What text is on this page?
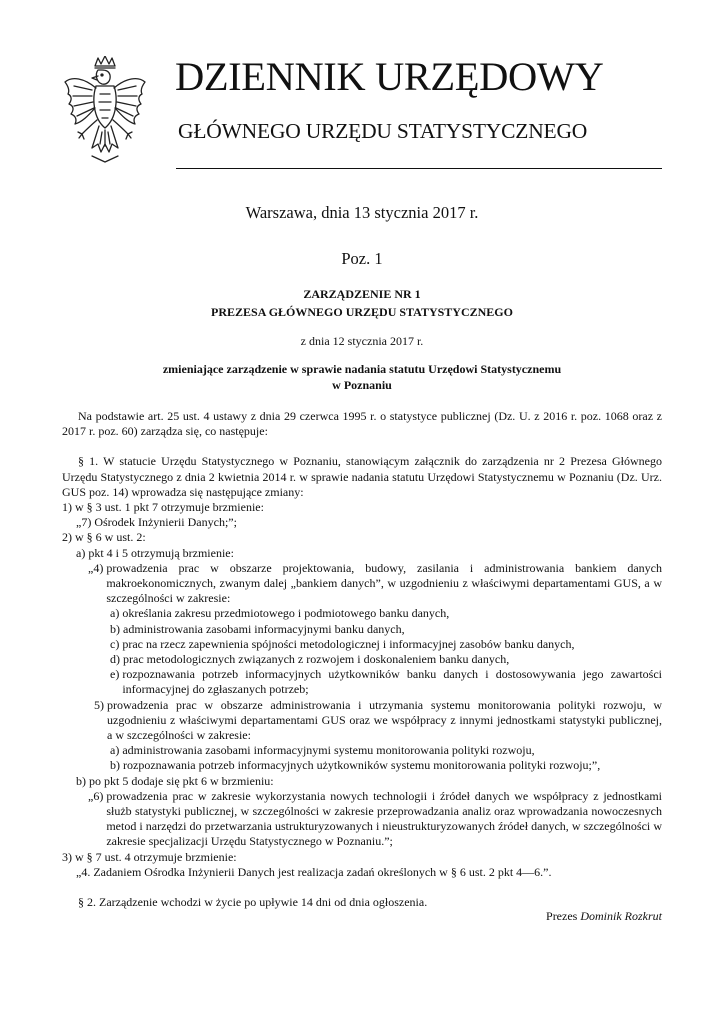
DZIENNIK URZĘDOWY
GŁÓWNEGO URZĘDU STATYSTYCZNEGO
Warszawa, dnia 13 stycznia 2017 r.
Poz. 1
ZARZĄDZENIE NR 1
PREZESA GŁÓWNEGO URZĘDU STATYSTYCZNEGO
z dnia 12 stycznia 2017 r.
zmieniające zarządzenie w sprawie nadania statutu Urzędowi Statystycznemu
w Poznaniu

Na podstawie art. 25 ust. 4 ustawy z dnia 29 czerwca 1995 r. o statystyce publicznej (Dz. U. z 2016 r. poz. 1068 oraz z 2017 r. poz. 60) zarządza się, co następuje:

§ 1. W statucie Urzędu Statystycznego w Poznaniu, stanowiącym załącznik do zarządzenia nr 2 Prezesa Głównego Urzędu Statystycznego z dnia 2 kwietnia 2014 r. w sprawie nadania statutu Urzędowi Statystycznemu w Poznaniu (Dz. Urz. GUS poz. 14) wprowadza się następujące zmiany:

1) w § 3 ust. 1 pkt 7 otrzymuje brzmienie:

„7) Ośrodek Inżynierii Danych;”;

2) w § 6 w ust. 2:

a) pkt 4 i 5 otrzymują brzmienie:

„4) prowadzenia prac w obszarze projektowania, budowy, zasilania i administrowania bankiem danych makroekonomicznych, zwanym dalej „bankiem danych”, w uzgodnieniu z właściwymi departamentami GUS, a w szczególności w zakresie:
a) określania zakresu przedmiotowego i podmiotowego banku danych,
b) administrowania zasobami informacyjnymi banku danych,
c) prac na rzecz zapewnienia spójności metodologicznej i informacyjnej zasobów banku danych,
d) prac metodologicznych związanych z rozwojem i doskonaleniem banku danych,
e) rozpoznawania potrzeb informacyjnych użytkowników banku danych i dostosowywania jego zawartości informacyjnej do zgłaszanych potrzeb;
5) prowadzenia prac w obszarze administrowania i utrzymania systemu monitorowania polityki rozwoju, w uzgodnieniu z właściwymi departamentami GUS oraz we współpracy z innymi jednostkami statystyki publicznej, a w szczególności w zakresie:
a) administrowania zasobami informacyjnymi systemu monitorowania polityki rozwoju,
b) rozpoznawania potrzeb informacyjnych użytkowników systemu monitorowania polityki rozwoju;”,

b) po pkt 5 dodaje się pkt 6 w brzmieniu:

„6) prowadzenia prac w zakresie wykorzystania nowych technologii i źródeł danych we współpracy z jednostkami służb statystyki publicznej, w szczególności w zakresie przeprowadzania analiz oraz wprowadzania nowoczesnych metod i narzędzi do przetwarzania ustrukturyzowanych i nieustrukturyzowanych źródeł danych, w szczególności w zakresie specjalizacji Urzędu Statystycznego w Poznaniu.”;

3) w § 7 ust. 4 otrzymuje brzmienie:

„4. Zadaniem Ośrodka Inżynierii Danych jest realizacja zadań określonych w § 6 ust. 2 pkt 4—6.”.

§ 2. Zarządzenie wchodzi w życie po upływie 14 dni od dnia ogłoszenia.

Prezes Dominik Rozkrut
